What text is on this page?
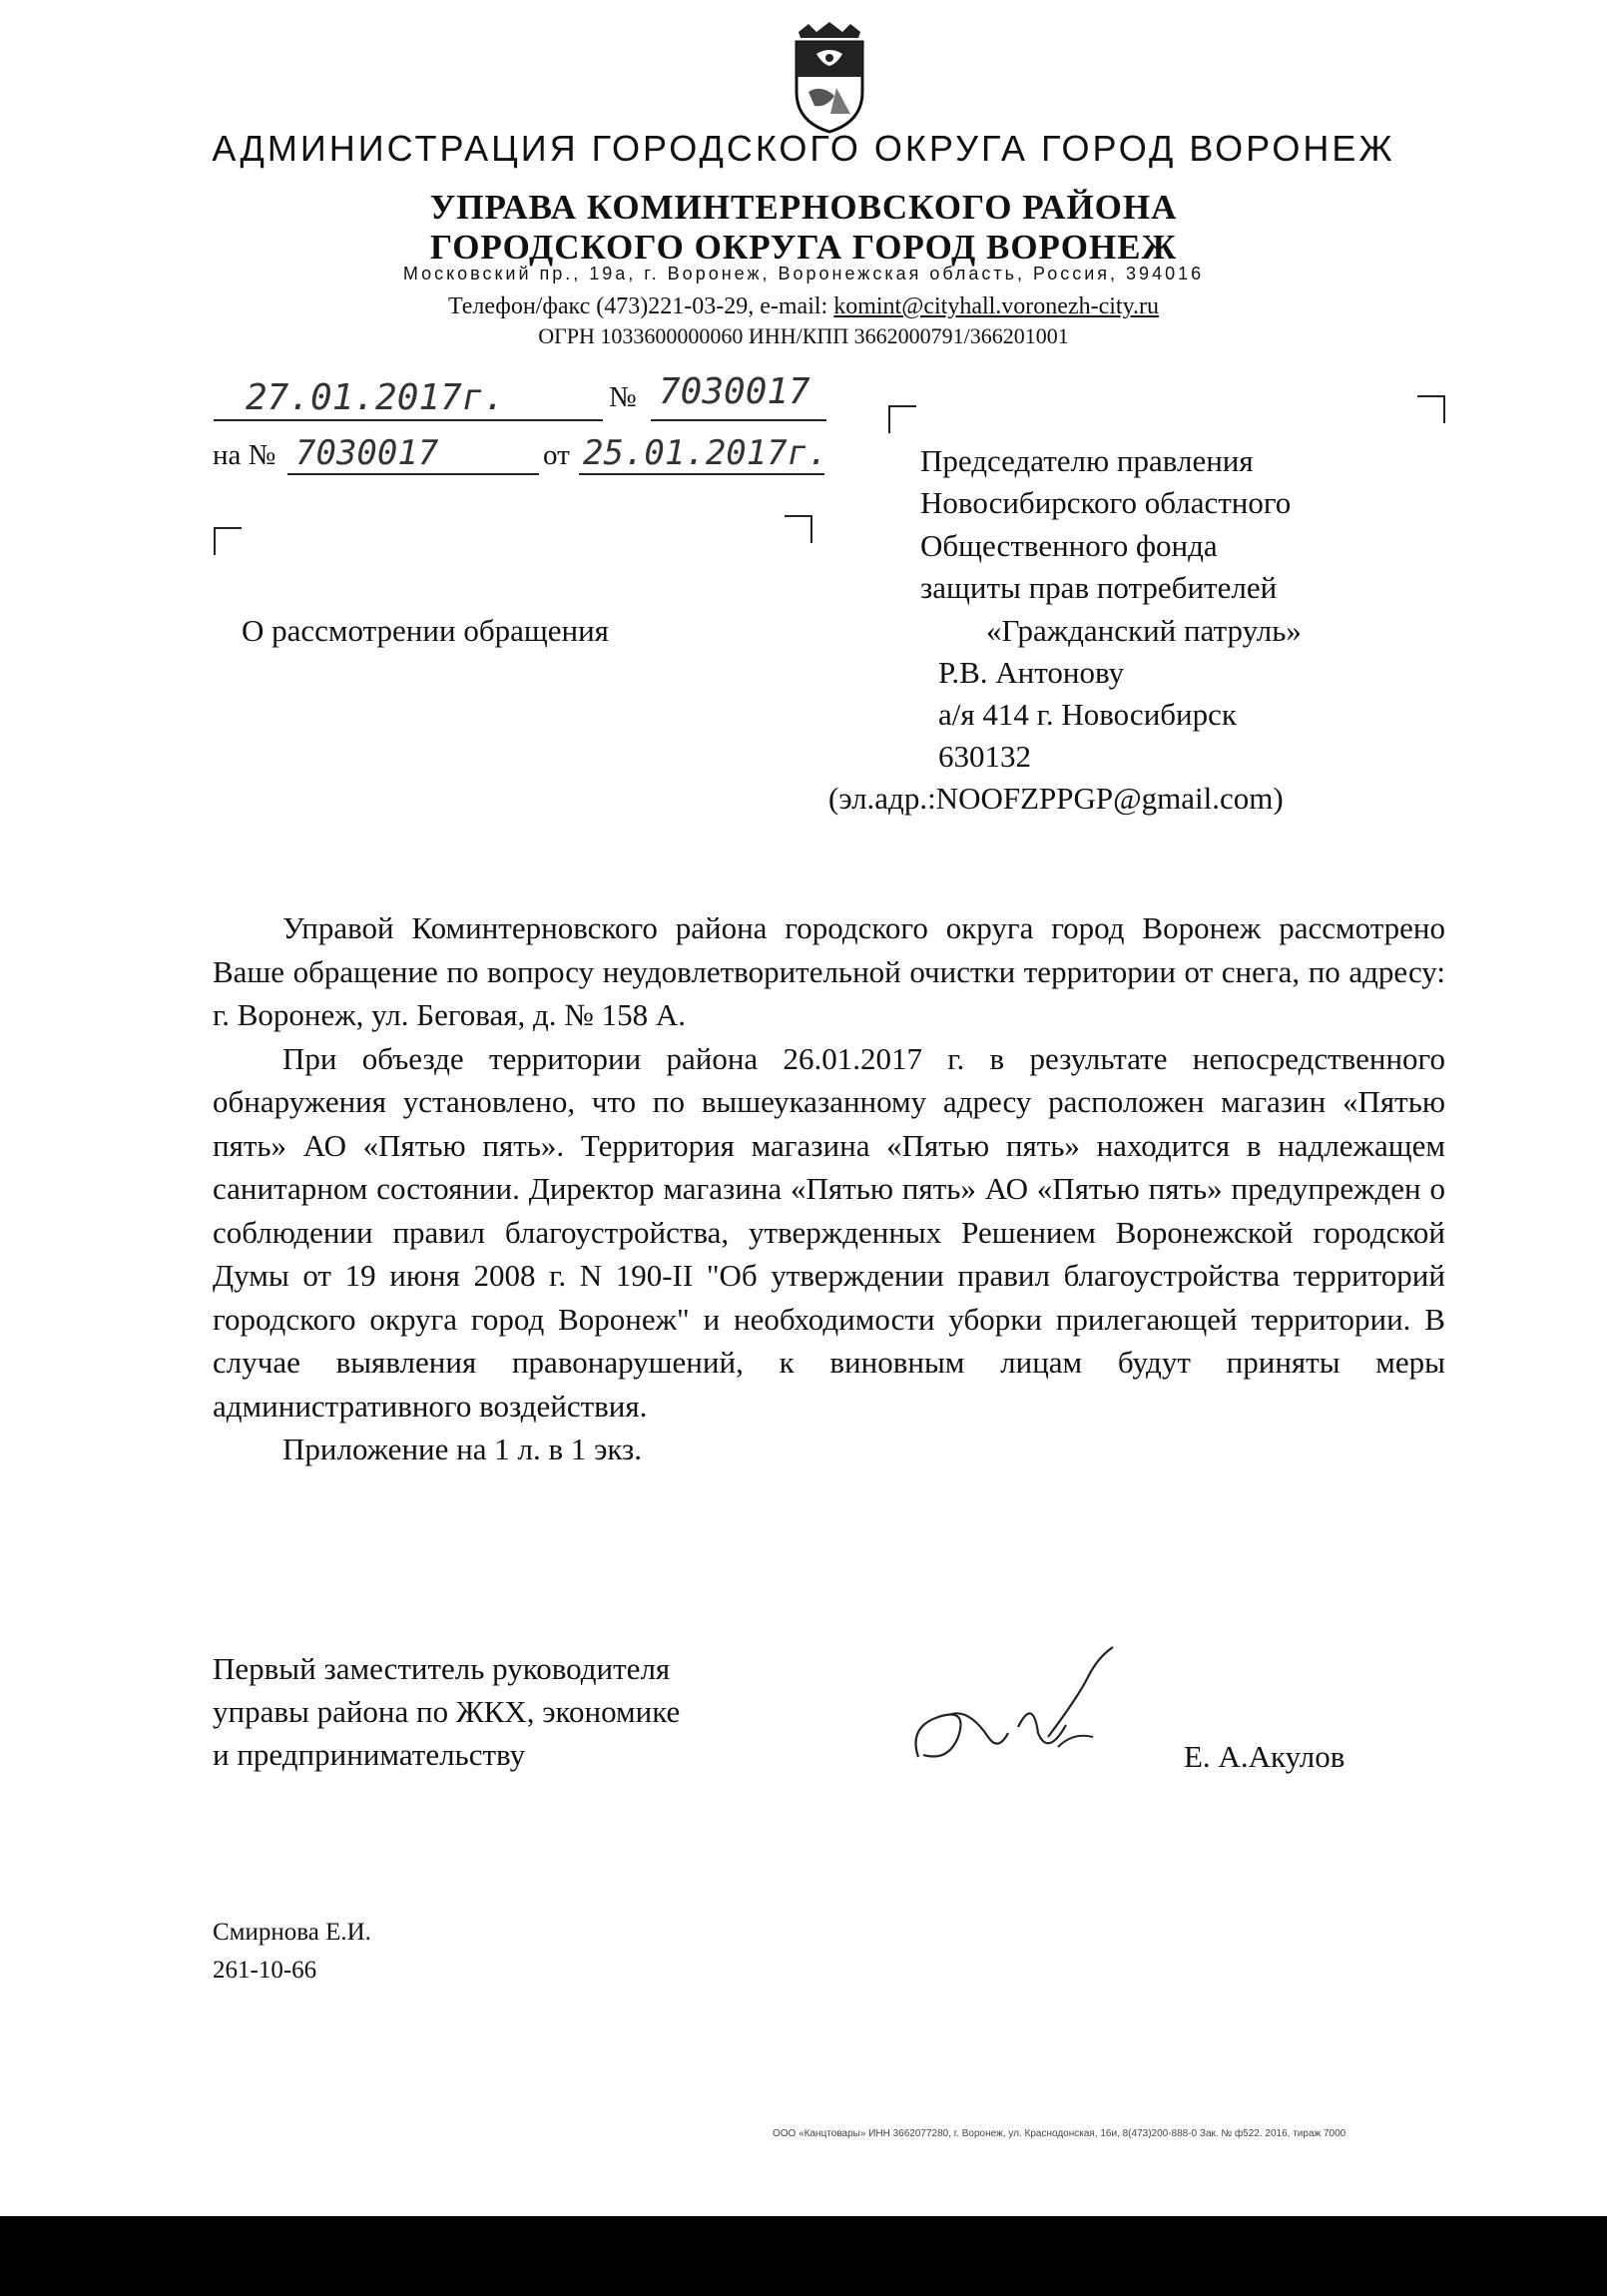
АДМИНИСТРАЦИЯ ГОРОДСКОГО ОКРУГА ГОРОД ВОРОНЕЖ
УПРАВА КОМИНТЕРНОВСКОГО РАЙОНА
ГОРОДСКОГО ОКРУГА ГОРОД ВОРОНЕЖ
Московский пр., 19а, г. Воронеж, Воронежская область, Россия, 394016
Телефон/факс (473)221-03-29, e-mail: komint@cityhall.voronezh-city.ru
ОГРН 1033600000060 ИНН/КПП 3662000791/366201001
27.01.2017г.	№ 7030017
на № 7030017	от 25.01.2017г.
О рассмотрении обращения
Председателю правления
Новосибирского областного
Общественного фонда
защиты прав потребителей
«Гражданский патруль»
Р.В. Антонову
а/я 414 г. Новосибирск
630132
(эл.адр.:NOOFZPPGP@gmail.com)

Управой Коминтерновского района городского округа город Воронеж рассмотрено Ваше обращение по вопросу неудовлетворительной очистки территории от снега, по адресу: г. Воронеж, ул. Беговая, д. № 158 А.

При объезде территории района 26.01.2017 г. в результате непосредственного обнаружения установлено, что по вышеуказанному адресу расположен магазин «Пятью пять» АО «Пятью пять». Территория магазина «Пятью пять» находится в надлежащем санитарном состоянии. Директор магазина «Пятью пять» АО «Пятью пять» предупрежден о соблюдении правил благоустройства, утвержденных Решением Воронежской городской Думы от 19 июня 2008 г. N 190-II "Об утверждении правил благоустройства территорий городского округа город Воронеж" и необходимости уборки прилегающей территории. В случае выявления правонарушений, к виновным лицам будут приняты меры административного воздействия.

Приложение на 1 л. в 1 экз.

Первый заместитель руководителя
управы района по ЖКХ, экономике
и предпринимательству	Е. А.Акулов
Смирнова Е.И.
261-10-66
ООО «Канцтовары» ИНН 3662077280, г. Воронеж, ул. Краснодонская, 16и, 8(473)200-888-0 Зак. № ф522. 2016, тираж 7000
